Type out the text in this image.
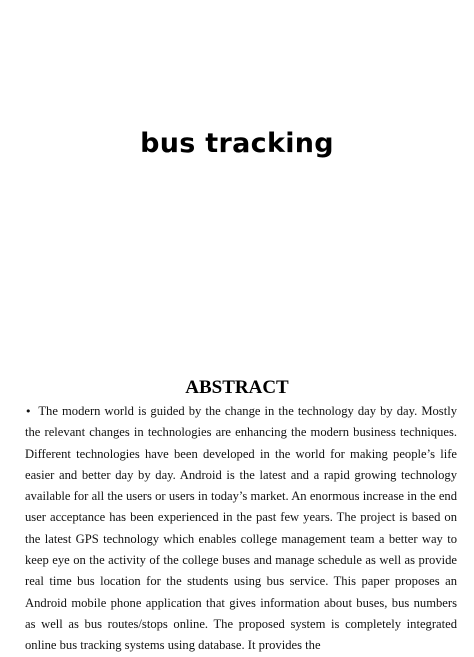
bus tracking
ABSTRACT
• The modern world is guided by the change in the technology day by day. Mostly the relevant changes in technologies are enhancing the modern business techniques. Different technologies have been developed in the world for making people’s life easier and better day by day. Android is the latest and a rapid growing technology available for all the users or users in today’s market. An enormous increase in the end user acceptance has been experienced in the past few years. The project is based on the latest GPS technology which enables college management team a better way to keep eye on the activity of the college buses and manage schedule as well as provide real time bus location for the students using bus service. This paper proposes an Android mobile phone application that gives information about buses, bus numbers as well as bus routes/stops online. The proposed system is completely integrated online bus tracking systems using database. It provides the
